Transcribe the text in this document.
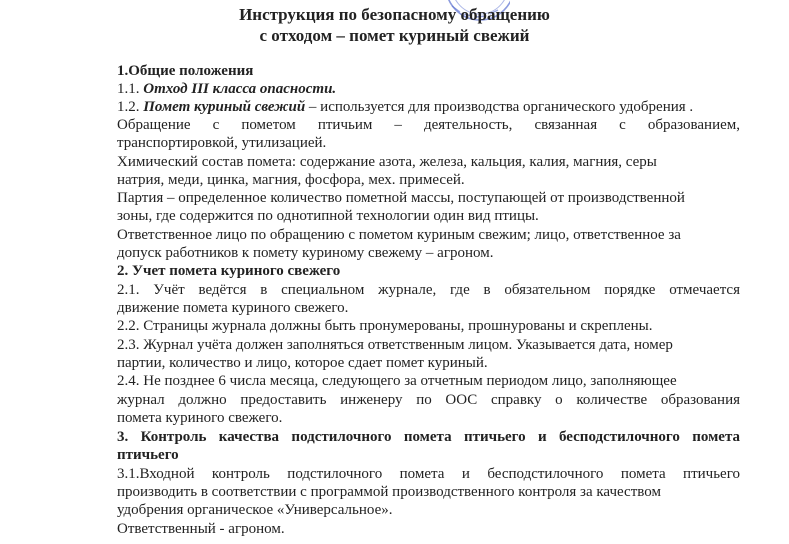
Инструкция по безопасному обращению
с отходом – помет куриный свежий
1.Общие положения
1.1. Отход III класса опасности.
1.2. Помет куриный свежий – используется для производства органического удобрения .
Обращение с пометом птичьим – деятельность, связанная с образованием,
транспортировкой, утилизацией.
Химический состав помета: содержание азота, железа, кальция, калия, магния, серы
натрия, меди, цинка, магния, фосфора, мех. примесей.
Партия – определенное количество пометной массы, поступающей от производственной
зоны, где содержится по однотипной технологии один вид птицы.
Ответственное лицо по обращению с пометом куриным свежим; лицо, ответственное за
допуск работников к помету куриному свежему – агроном.
2. Учет помета куриного свежего
2.1. Учёт ведётся в специальном журнале, где в обязательном порядке отмечается
движение помета куриного свежего.
2.2. Страницы журнала должны быть пронумерованы, прошнурованы и скреплены.
2.3. Журнал учёта должен заполняться ответственным лицом. Указывается дата, номер
партии, количество и лицо, которое сдает помет куриный.
2.4. Не позднее 6 числа месяца, следующего за отчетным периодом лицо, заполняющее
журнал должно предоставить инженеру по ООС справку о количестве образования
помета куриного свежего.
3. Контроль качества подстилочного помета птичьего и бесподстилочного помета
птичьего
3.1.Входной контроль подстилочного помета и бесподстилочного помета птичьего
производить в соответствии с программой производственного контроля за качеством
удобрения органическое «Универсальное».
Ответственный - агроном.
